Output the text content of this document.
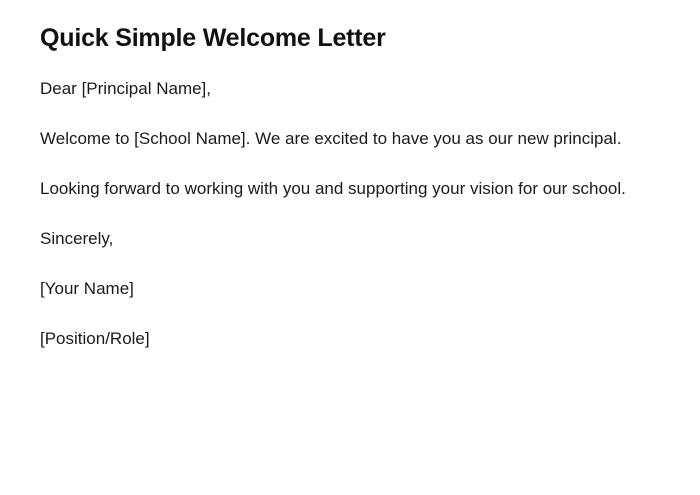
Quick Simple Welcome Letter

Dear [Principal Name],

Welcome to [School Name]. We are excited to have you as our new principal.

Looking forward to working with you and supporting your vision for our school.

Sincerely,

[Your Name]

[Position/Role]
